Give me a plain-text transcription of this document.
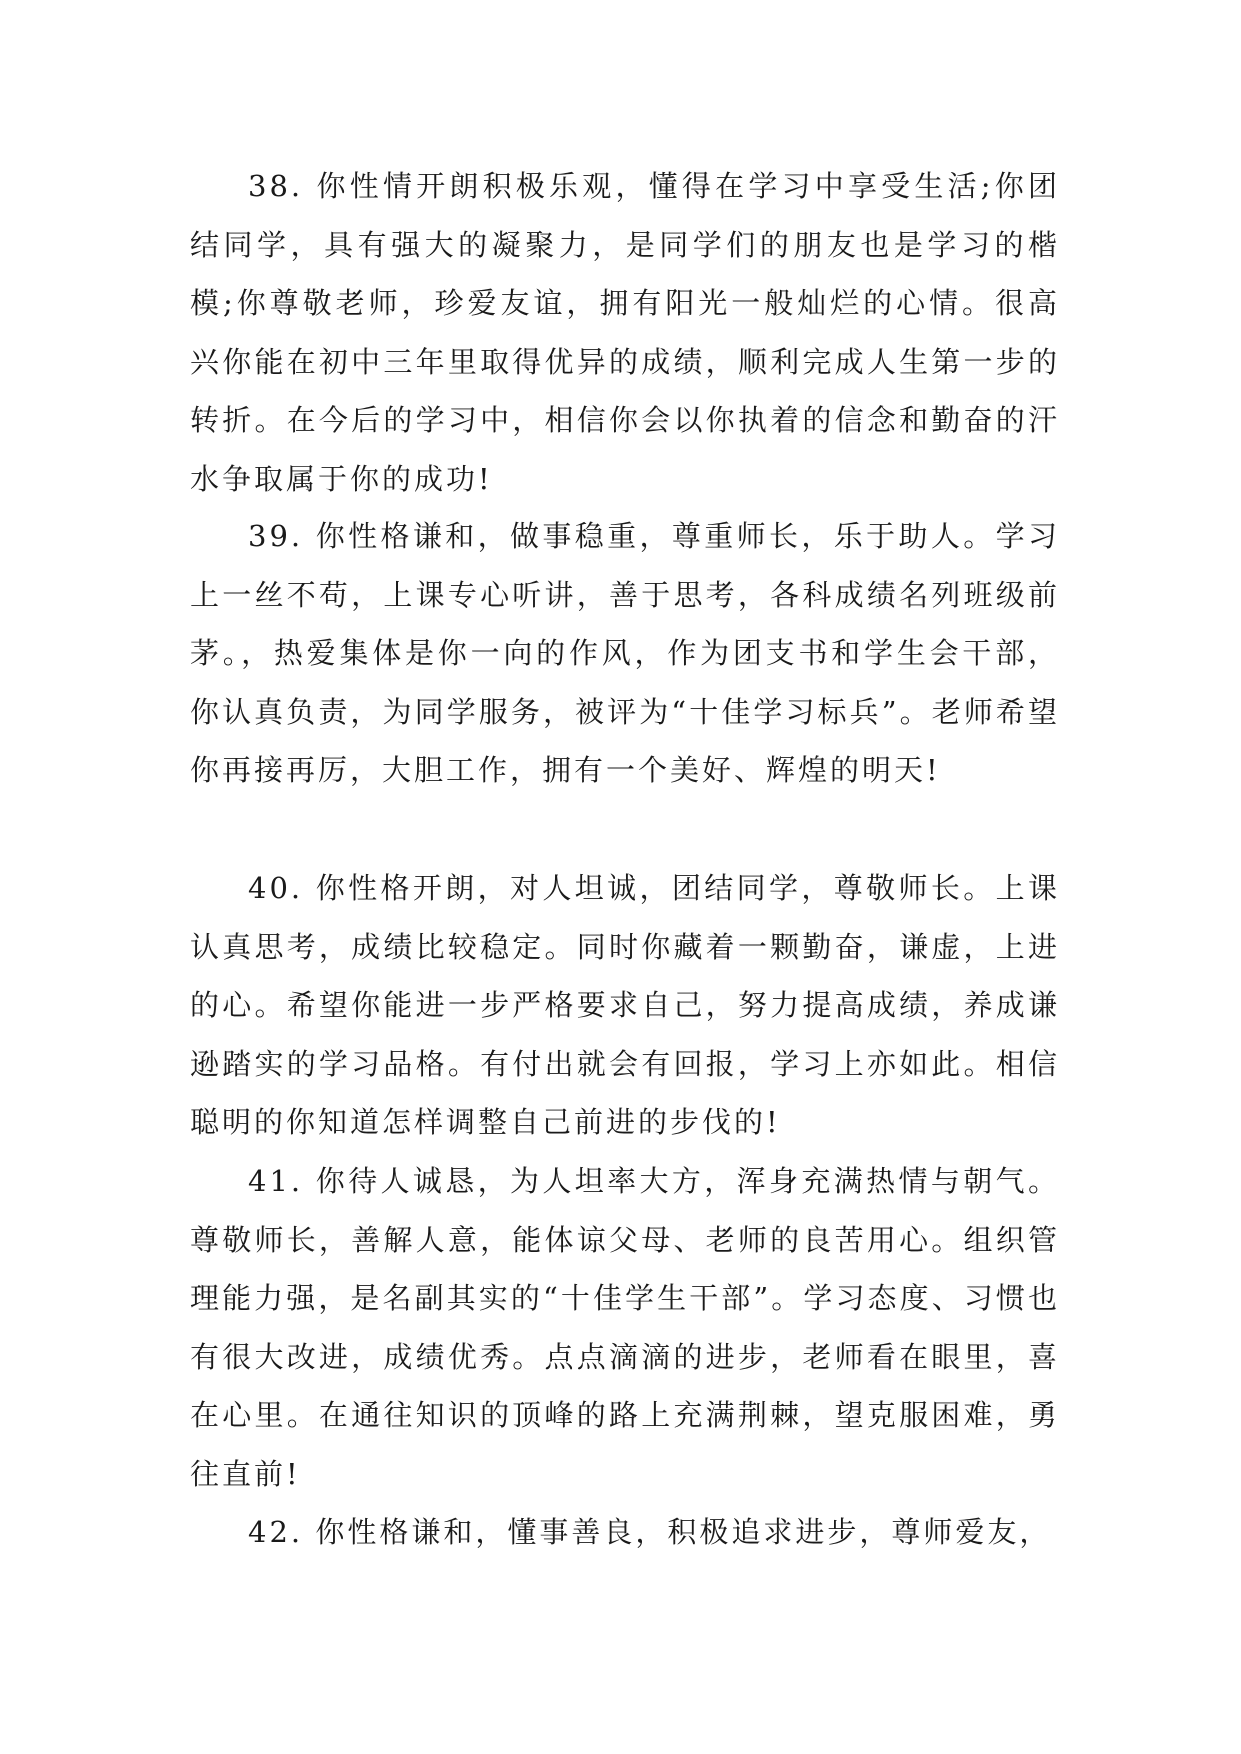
38. 你性情开朗积极乐观，懂得在学习中享受生活;你团结同学，具有强大的凝聚力，是同学们的朋友也是学习的楷模;你尊敬老师，珍爱友谊，拥有阳光一般灿烂的心情。很高兴你能在初中三年里取得优异的成绩，顺利完成人生第一步的转折。在今后的学习中，相信你会以你执着的信念和勤奋的汗水争取属于你的成功!

39. 你性格谦和，做事稳重，尊重师长，乐于助人。学习上一丝不苟，上课专心听讲，善于思考，各科成绩名列班级前茅。，热爱集体是你一向的作风，作为团支书和学生会干部，你认真负责，为同学服务，被评为“十佳学习标兵”。老师希望你再接再厉，大胆工作，拥有一个美好、辉煌的明天!

40. 你性格开朗，对人坦诚，团结同学，尊敬师长。上课认真思考，成绩比较稳定。同时你藏着一颗勤奋，谦虚，上进的心。希望你能进一步严格要求自己，努力提高成绩，养成谦逊踏实的学习品格。有付出就会有回报，学习上亦如此。相信聪明的你知道怎样调整自己前进的步伐的!

41. 你待人诚恳，为人坦率大方，浑身充满热情与朝气。尊敬师长，善解人意，能体谅父母、老师的良苦用心。组织管理能力强，是名副其实的“十佳学生干部”。学习态度、习惯也有很大改进，成绩优秀。点点滴滴的进步，老师看在眼里，喜在心里。在通往知识的顶峰的路上充满荆棘，望克服困难，勇往直前!

42. 你性格谦和，懂事善良，积极追求进步，尊师爱友，
